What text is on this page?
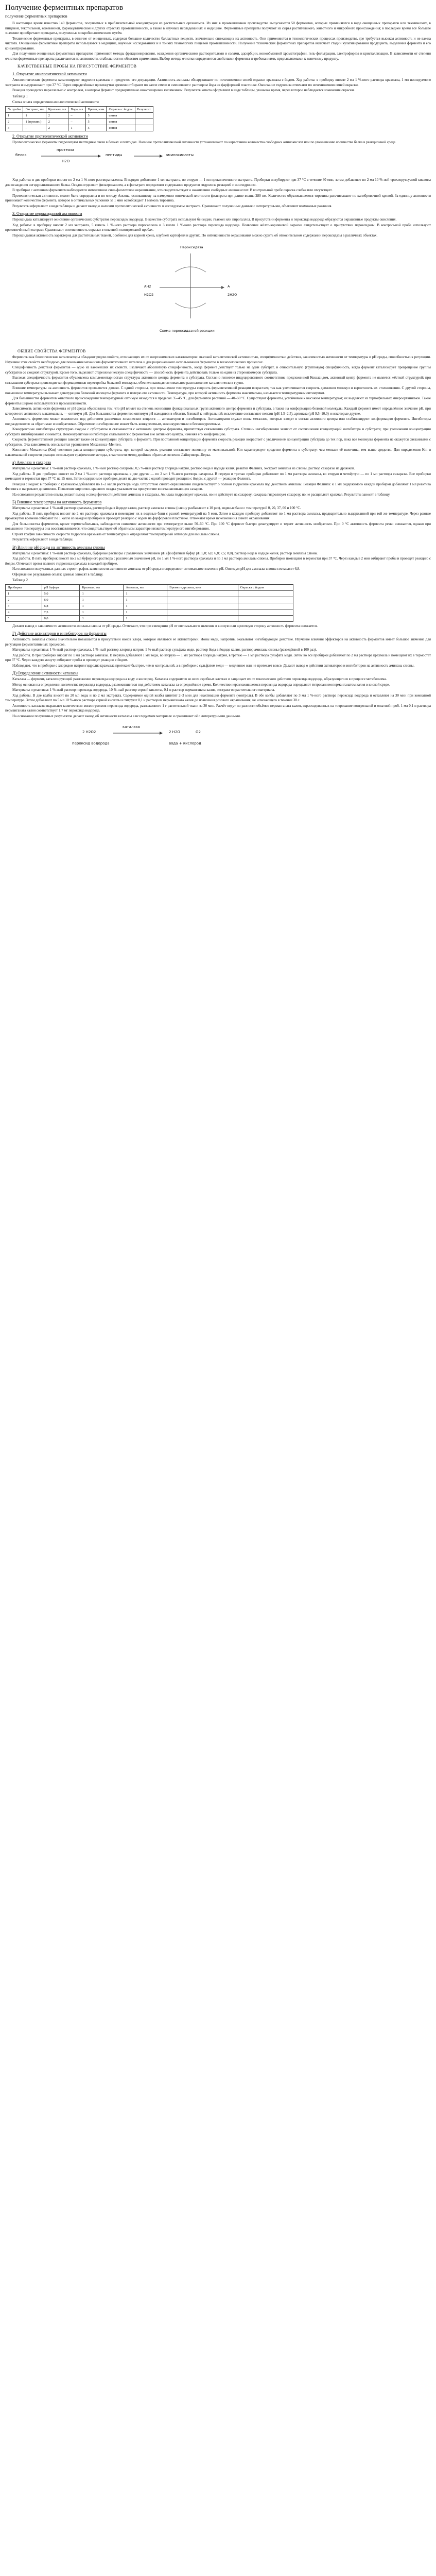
Получение ферментных препаратов
получение ферментных препаратов

В настоящее время известно 140 ферментов, получаемых в приблизительной концентрации из растительных организмов. Из них в промышленном производстве выпускаются 50 ферментов, которые применяются в виде очищенных препаратов или технических, в пищевой, текстильной, кожевенной, фармацевтической и других отраслях промышленности, а также в научных исследованиях и медицине. Ферментные препараты получают из сырья растительного, животного и микробного происхождения; в последнее время всё большее значение приобретают препараты, полученные микробиологическим путём.

Технические ферментные препараты, в отличие от очищенных, содержат большое количество балластных веществ, значительно снижающих их активность. Они применяются в технологических процессах производства, где требуется высокая активность и не важна чистота. Очищенные ферментные препараты используются в медицине, научных исследованиях и в тонких технологиях пищевой промышленности. Получение технических ферментных препаратов включает стадии культивирования продуцента, выделения фермента и его концентрирования.

Для получения очищенных ферментных препаратов применяют методы фракционирования, осаждения органическими растворителями и солями, адсорбции, ионообменной хроматографии, гель-фильтрации, электрофореза и кристаллизации. В зависимости от степени очистки ферментные препараты различаются по активности, стабильности и областям применения. Выбор метода очистки определяется свойствами фермента и требованиями, предъявляемыми к конечному продукту.

КАЧЕСТВЕННЫЕ ПРОБЫ НА ПРИСУТСТВИЕ ФЕРМЕНТОВ
1. Открытие амилолитической активности

Амилолитические ферменты катализируют гидролиз крахмала и продуктов его деградации. Активность амилазы обнаруживают по исчезновению синей окраски крахмала с йодом. Ход работы: в пробирку вносят 2 мл 1 %-ного раствора крахмала, 1 мл исследуемого экстракта и выдерживают при 37 °С. Через определённые промежутки времени отбирают по капле смеси и смешивают с раствором йода на фарфоровой пластинке. Окончание гидролиза отмечают по исчезновению синей окраски.

Реакция проводится параллельно с контролем, в котором фермент предварительно инактивирован кипячением. Результаты опыта оформляют в виде таблицы, указывая время, через которое наблюдается изменение окраски.

Таблица 1
Схема опыта определения амилолитической активности
№ пробы	Экстракт, мл	Крахмал, мл	Вода, мл	Время, мин	Окраска с йодом	Результат
1	1	2	–	5	синяя	
2	1 (прокип.)	2	–	5	синяя	
3	–	2	1	5	синяя	
2. Открытие протеолитической активности

Протеолитические ферменты гидролизуют пептидные связи в белках и пептидах. Наличие протеолитической активности устанавливают по нарастанию количества свободных аминокислот или по уменьшению количества белка в реакционной среде.

белок
протеаза
H2O
пептиды	аминокислоты

Ход работы: в две пробирки вносят по 2 мл 1 %-ного раствора казеина. В первую добавляют 1 мл экстракта, во вторую — 1 мл прокипяченного экстракта. Пробирки инкубируют при 37 °С в течение 30 мин, затем добавляют по 2 мл 10 %-ной трихлоруксусной кислоты для осаждения негидролизованного белка. Осадок отделяют фильтрованием, а в фильтрате определяют содержание продуктов гидролиза реакцией с нингидрином.

В пробирке с активным ферментом наблюдается интенсивное сине-фиолетовое окрашивание, что свидетельствует о накоплении свободных аминокислот. В контрольной пробе окраска слабая или отсутствует.

Протеолитическая активность может быть определена и по методу Ансона, основанному на измерении оптической плотности фильтрата при длине волны 280 нм. Количество образовавшегося тирозина рассчитывают по калибровочной кривой. За единицу активности принимают количество фермента, которое в оптимальных условиях за 1 мин освобождает 1 мкмоль тирозина.

Результаты оформляют в виде таблицы и делают вывод о наличии протеолитической активности в исследуемом экстракте. Сравнивают полученные данные с литературными, объясняют возможные различия.

3. Открытие пероксидазной активности

Пероксидаза катализирует окисление органических субстратов пероксидом водорода. В качестве субстрата используют бензидин, гваякол или пирогаллол. В присутствии фермента и пероксида водорода образуются окрашенные продукты окисления.

Ход работы: в пробирку вносят 2 мл экстракта, 5 капель 1 %-ного раствора пирогаллола и 3 капли 1 %-ного раствора пероксида водорода. Появление жёлто-коричневой окраски свидетельствует о присутствии пероксидазы. В контрольной пробе используют прокипячённый экстракт. Сравнивают интенсивность окраски в опытной и контрольной пробах.

Пероксидазная активность характерна для растительных тканей, особенно для корней хрена, клубней картофеля и других. По интенсивности окрашивания можно судить об относительном содержании пероксидазы в различных объектах.

Пероксидаза
AH2
H2O2
A
2H2O
Схема пероксидазной реакции
ОБЩИЕ СВОЙСТВА ФЕРМЕНТОВ

Ферменты как биологические катализаторы обладают рядом свойств, отличающих их от неорганических катализаторов: высокой каталитической активностью, специфичностью действия, зависимостью активности от температуры и рН среды, способностью к регуляции. Изучение этих свойств необходимо для понимания механизма ферментативного катализа и для рационального использования ферментов в технологических процессах.

Специфичность действия ферментов — одно из важнейших их свойств. Различают абсолютную специфичность, когда фермент действует только на один субстрат, и относительную (групповую) специфичность, когда фермент катализирует превращение группы субстратов со сходной структурой. Кроме того, выделяют стереохимическую специфичность — способность фермента действовать только на один из стереоизомеров субстрата.

Высокая специфичность ферментов обусловлена комплементарностью структуры активного центра фермента и субстрата. Согласно гипотезе индуцированного соответствия, предложенной Кошландом, активный центр фермента не является жёсткой структурой; при связывании субстрата происходит конформационная перестройка белковой молекулы, обеспечивающая оптимальное расположение каталитических групп.

Влияние температуры на активность ферментов проявляется двояко. С одной стороны, при повышении температуры скорость ферментативной реакции возрастает, так как увеличивается скорость движения молекул и вероятность их столкновения. С другой стороны, повышение температуры вызывает денатурацию белковой молекулы фермента и потерю его активности. Температура, при которой активность фермента максимальна, называется температурным оптимумом.

Для большинства ферментов животного происхождения температурный оптимум находится в пределах 35–45 °С, для ферментов растений — 40–60 °С. Существуют ферменты, устойчивые к высоким температурам; их выделяют из термофильных микроорганизмов. Такие ферменты широко используются в промышленности.

Зависимость активности фермента от рН среды обусловлена тем, что рН влияет на степень ионизации функциональных групп активного центра фермента и субстрата, а также на конформацию белковой молекулы. Каждый фермент имеет определённое значение рН, при котором его активность максимальна, — оптимум рН. Для большинства ферментов оптимум рН находится в области, близкой к нейтральной; исключение составляют пепсин (рН 1,5–2,5), аргиназа (рН 9,5–10,0) и некоторые другие.

Активность ферментов может изменяться под действием различных химических веществ — активаторов и ингибиторов. Активаторами служат ионы металлов, которые входят в состав активного центра или стабилизируют конформацию фермента. Ингибиторы подразделяются на обратимые и необратимые. Обратимое ингибирование может быть конкурентным, неконкурентным и бесконкурентным.

Конкурентные ингибиторы структурно сходны с субстратом и связываются с активным центром фермента, препятствуя связыванию субстрата. Степень ингибирования зависит от соотношения концентраций ингибитора и субстрата; при увеличении концентрации субстрата ингибирование снимается. Неконкурентные ингибиторы связываются с ферментом вне активного центра, изменяя его конформацию.

Скорость ферментативной реакции зависит также от концентрации субстрата и фермента. При постоянной концентрации фермента скорость реакции возрастает с увеличением концентрации субстрата до тех пор, пока все молекулы фермента не окажутся связанными с субстратом. Эта зависимость описывается уравнением Михаэлиса–Ментен.

Константа Михаэлиса (Km) численно равна концентрации субстрата, при которой скорость реакции составляет половину от максимальной. Km характеризует сродство фермента к субстрату: чем меньше её величина, тем выше сродство. Для определения Km и максимальной скорости реакции используют графические методы, в частности метод двойных обратных величин Лайнуивера–Берка.

а) Амилаза и сахараза

Материалы и реактивы: 1 %-ный раствор крахмала, 1 %-ный раствор сахарозы, 0,5 %-ный раствор хлорида натрия, раствор йода в йодиде калия, реактив Фелинга, экстракт амилазы из слюны, раствор сахаразы из дрожжей.

Ход работы. В две пробирки вносят по 2 мл 1 %-ного раствора крахмала, в две другие — по 2 мл 1 %-ного раствора сахарозы. В первую и третью пробирки добавляют по 1 мл раствора амилазы, во вторую и четвёртую — по 1 мл раствора сахаразы. Все пробирки помещают в термостат при 37 °С на 15 мин. Затем содержимое пробирок делят на две части: с одной проводят реакцию с йодом, с другой — реакцию Фелинга.

Реакция с йодом: в пробирки с крахмалом добавляют по 1–2 капли раствора йода. Отсутствие синего окрашивания свидетельствует о полном гидролизе крахмала под действием амилазы. Реакция Фелинга: к 1 мл содержимого каждой пробирки добавляют 1 мл реактива Фелинга и нагревают до кипения. Появление кирпично-красного осадка указывает на присутствие восстанавливающих сахаров.

На основании результатов опыта делают вывод о специфичности действия амилазы и сахаразы. Амилаза гидролизует крахмал, но не действует на сахарозу; сахараза гидролизует сахарозу, но не расщепляет крахмал. Результаты заносят в таблицу.

Б) Влияние температуры на активность ферментов

Материалы и реактивы: 1 %-ный раствор крахмала, раствор йода в йодиде калия, раствор амилазы слюны (слюну разбавляют в 10 раз), водяные бани с температурой 0, 20, 37, 60 и 100 °С.

Ход работы. В пять пробирок вносят по 2 мл раствора крахмала и помещают их в водяные бани с разной температурой на 5 мин. Затем в каждую пробирку добавляют по 1 мл раствора амилазы, предварительно выдержанной при той же температуре. Через равные промежутки времени отбирают по 1 капле из каждой пробирки и проводят реакцию с йодом на фарфоровой пластинке. Отмечают время исчезновения синего окрашивания.

Для большинства ферментов, кроме термостабильных, наблюдается снижение активности при температуре выше 50–60 °С. При 100 °С фермент быстро денатурирует и теряет активность необратимо. При 0 °С активность фермента резко снижается, однако при повышении температуры она восстанавливается, что свидетельствует об обратимом характере низкотемпературного ингибирования.

Строят график зависимости скорости гидролиза крахмала от температуры и определяют температурный оптимум для амилазы слюны.

Результаты оформляют в виде таблицы.

В) Влияние рН среды на активность амилазы слюны

Материалы и реактивы: 1 %-ный раствор крахмала, буферные растворы с различным значением рН (фосфатный буфер рН 5,0; 6,0; 6,8; 7,5; 8,0), раствор йода в йодиде калия, раствор амилазы слюны.

Ход работы. В пять пробирок вносят по 2 мл буферного раствора с различным значением рН, по 1 мл 1 %-ного раствора крахмала и по 1 мл раствора амилазы слюны. Пробирки помещают в термостат при 37 °С. Через каждые 2 мин отбирают пробы и проводят реакцию с йодом. Отмечают время полного гидролиза крахмала в каждой пробирке.

На основании полученных данных строят график зависимости активности амилазы от рН среды и определяют оптимальное значение рН. Оптимум рН для амилазы слюны составляет 6,8.

Оформление результатов опыта: данные заносят в таблицу.

Таблица 2
Пробирка	рН буфера	Крахмал, мл	Амилаза, мл	Время гидролиза, мин	Окраска с йодом
1	5,0	1	1		
2	6,0	1	1		
3	6,8	1	1		
4	7,5	1	1		
5	8,0	1	1		

Делают вывод о зависимости активности амилазы слюны от рН среды. Отмечают, что при смещении рН от оптимального значения в кислую или щелочную сторону активность фермента снижается.

Г) Действие активаторов и ингибиторов на ферменты

Активность амилазы слюны значительно повышается в присутствии ионов хлора, которые являются её активаторами. Ионы меди, напротив, оказывают ингибирующее действие. Изучение влияния эффекторов на активность ферментов имеет большое значение для регуляции ферментативных процессов.

Материалы и реактивы: 1 %-ный раствор крахмала, 1 %-ный раствор хлорида натрия, 1 %-ный раствор сульфата меди, раствор йода в йодиде калия, раствор амилазы слюны (разведённой в 100 раз).

Ход работы. В три пробирки вносят по 1 мл раствора амилазы. В первую добавляют 1 мл воды, во вторую — 1 мл раствора хлорида натрия, в третью — 1 мл раствора сульфата меди. Затем во все пробирки добавляют по 2 мл раствора крахмала и помещают их в термостат при 37 °С. Через каждую минуту отбирают пробы и проводят реакцию с йодом.

Наблюдают, что в пробирке с хлоридом натрия гидролиз крахмала протекает быстрее, чем в контрольной, а в пробирке с сульфатом меди — медленнее или не протекает вовсе. Делают вывод о действии активаторов и ингибиторов на активность амилазы слюны.

Д) Определение активности каталазы

Каталаза — фермент, катализирующий разложение пероксида водорода на воду и кислород. Каталаза содержится во всех аэробных клетках и защищает их от токсического действия пероксида водорода, образующегося в процессе метаболизма.

Метод основан на определении количества пероксида водорода, разложившегося под действием каталазы за определённое время. Количество неразложившегося пероксида водорода определяют титрованием перманганатом калия в кислой среде.

Материалы и реактивы: 1 %-ный раствор пероксида водорода, 10 %-ный раствор серной кислоты, 0,1 н раствор перманганата калия, экстракт из растительного материала.

Ход работы. В две колбы вносят по 20 мл воды и по 2 мл экстракта. Содержимое одной колбы кипятят 2–3 мин для инактивации фермента (контроль). В обе колбы добавляют по 3 мл 1 %-ного раствора пероксида водорода и оставляют на 30 мин при комнатной температуре. Затем добавляют по 5 мл 10 %-ного раствора серной кислоты и титруют 0,1 н раствором перманганата калия до появления розового окрашивания, не исчезающего в течение 30 с.

Активность каталазы выражают количеством миллиграммов пероксида водорода, разложенного 1 г растительной ткани за 30 мин. Расчёт ведут по разности объёмов перманганата калия, израсходованных на титрование контрольной и опытной проб. 1 мл 0,1 н раствора перманганата калия соответствует 1,7 мг пероксида водорода.

На основании полученных результатов делают вывод об активности каталазы в исследуемом материале и сравнивают её с литературными данными.

2 H2O2
каталаза
2 H2O	O2
пероксид водорода	вода + кислород
